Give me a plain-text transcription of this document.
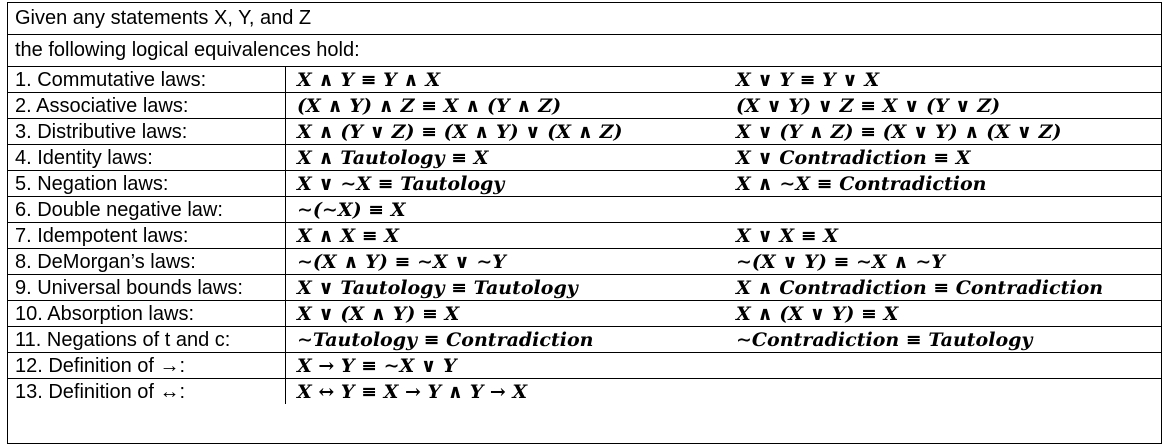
Given any statements X, Y, and Z
the following logical equivalences hold:
1. Commutative laws:	X ∧ Y ≡ Y ∧ X	X ∨ Y ≡ Y ∨ X
2. Associative laws:	(X ∧ Y) ∧ Z ≡ X ∧ (Y ∧ Z)	(X ∨ Y) ∨ Z ≡ X ∨ (Y ∨ Z)
3. Distributive laws:	X ∧ (Y ∨ Z) ≡ (X ∧ Y) ∨ (X ∧ Z)	X ∨ (Y ∧ Z) ≡ (X ∨ Y) ∧ (X ∨ Z)
4. Identity laws:	X ∧ Tautology ≡ X	X ∨ Contradiction ≡ X
5. Negation laws:	X ∨ ∼X ≡ Tautology	X ∧ ∼X ≡ Contradiction
6. Double negative law:	∼(∼X) ≡ X	
7. Idempotent laws:	X ∧ X ≡ X	X ∨ X ≡ X
8. DeMorgan’s laws:	∼(X ∧ Y) ≡ ∼X ∨ ∼Y	∼(X ∨ Y) ≡ ∼X ∧ ∼Y
9. Universal bounds laws:	X ∨ Tautology ≡ Tautology	X ∧ Contradiction ≡ Contradiction
10. Absorption laws:	X ∨ (X ∧ Y) ≡ X	X ∧ (X ∨ Y) ≡ X
11. Negations of t and c:	∼Tautology ≡ Contradiction	∼Contradiction ≡ Tautology
12. Definition of →:	X → Y ≡ ∼X ∨ Y	
13. Definition of ↔:	X ↔ Y ≡ X → Y ∧ Y → X	
